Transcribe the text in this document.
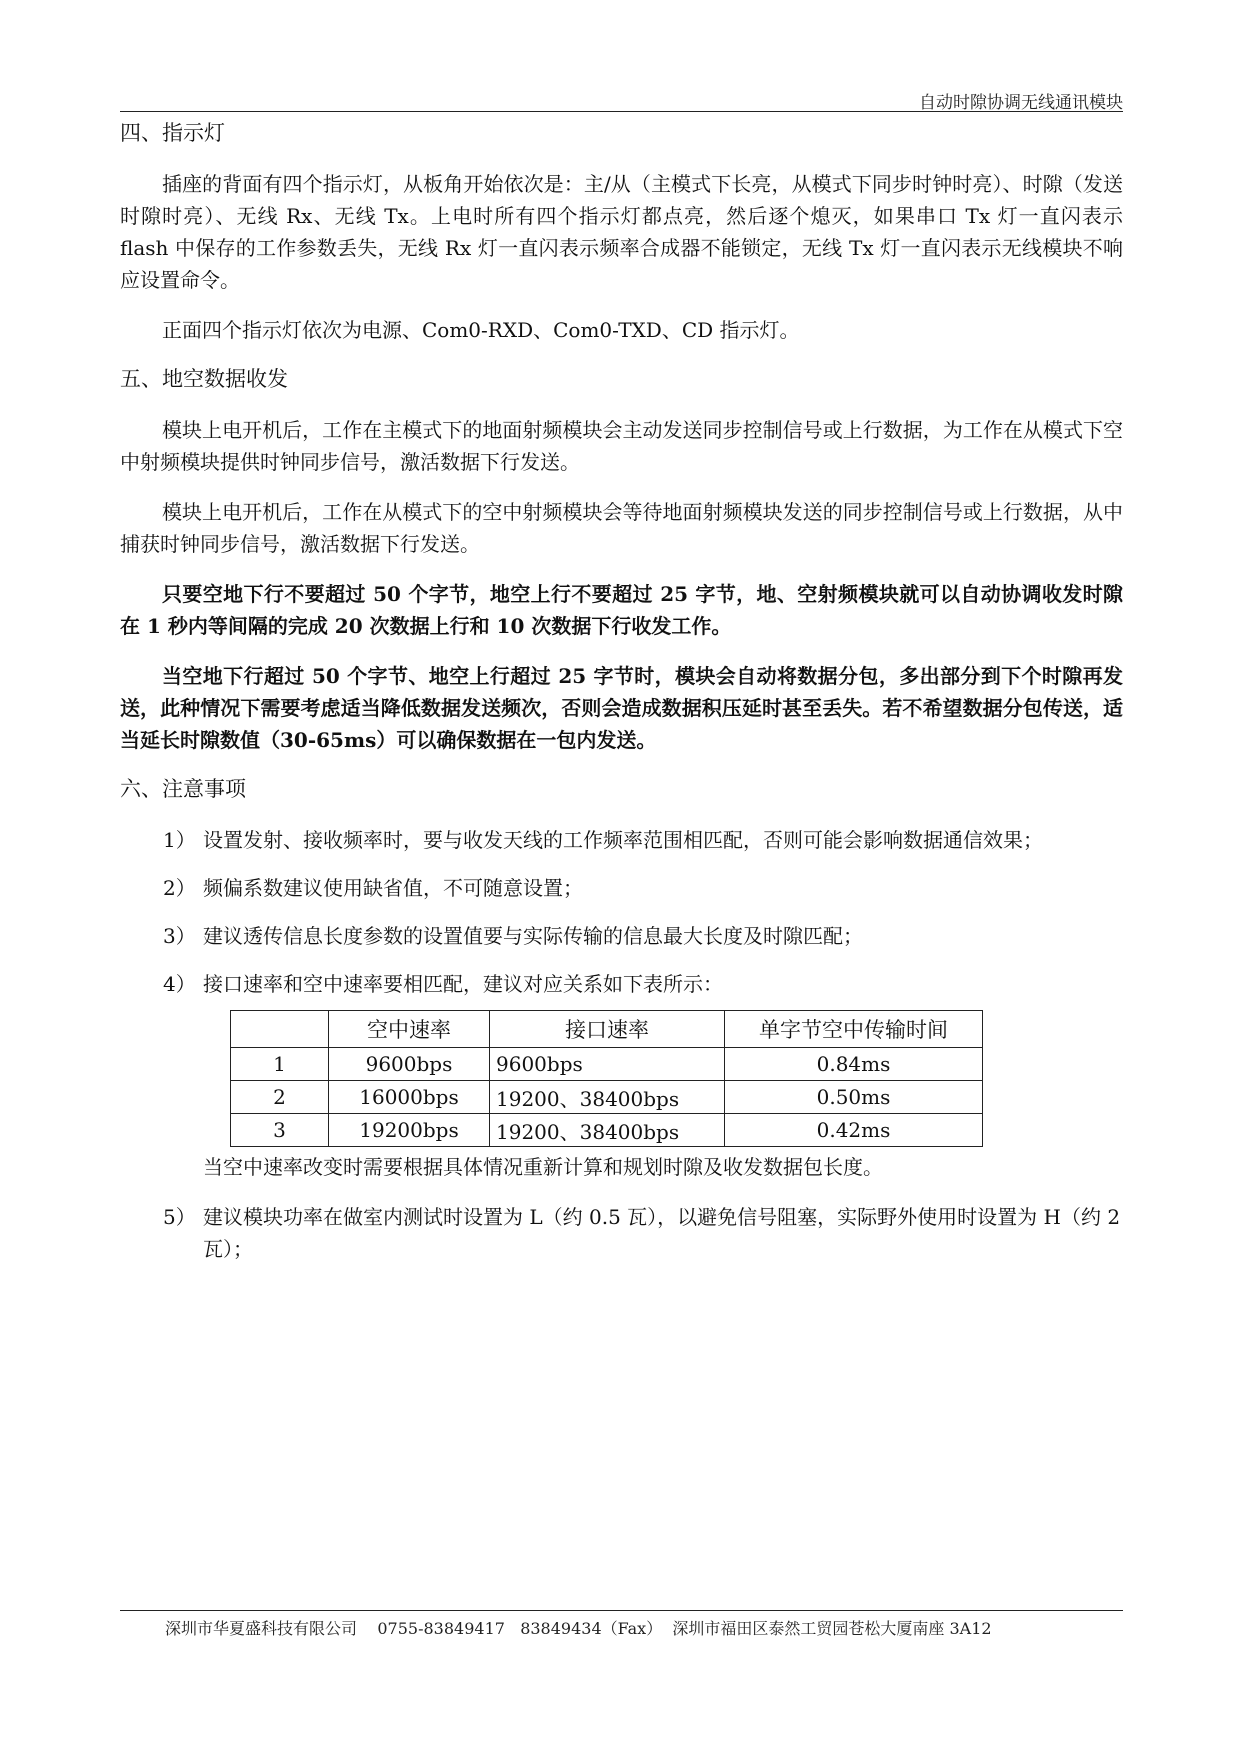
自动时隙协调无线通讯模块
四、指示灯

插座的背面有四个指示灯，从板角开始依次是：主/从（主模式下长亮，从模式下同步时钟时亮）、时隙（发送时隙时亮）、无线 Rx、无线 Tx。上电时所有四个指示灯都点亮，然后逐个熄灭，如果串口 Tx 灯一直闪表示 flash 中保存的工作参数丢失，无线 Rx 灯一直闪表示频率合成器不能锁定，无线 Tx 灯一直闪表示无线模块不响应设置命令。

正面四个指示灯依次为电源、Com0-RXD、Com0-TXD、CD 指示灯。

五、地空数据收发

模块上电开机后，工作在主模式下的地面射频模块会主动发送同步控制信号或上行数据，为工作在从模式下空中射频模块提供时钟同步信号，激活数据下行发送。

模块上电开机后，工作在从模式下的空中射频模块会等待地面射频模块发送的同步控制信号或上行数据，从中捕获时钟同步信号，激活数据下行发送。

只要空地下行不要超过 50 个字节，地空上行不要超过 25 字节，地、空射频模块就可以自动协调收发时隙在 1 秒内等间隔的完成 20 次数据上行和 10 次数据下行收发工作。

当空地下行超过 50 个字节、地空上行超过 25 字节时，模块会自动将数据分包，多出部分到下个时隙再发送，此种情况下需要考虑适当降低数据发送频次，否则会造成数据积压延时甚至丢失。若不希望数据分包传送，适当延长时隙数值（30-65ms）可以确保数据在一包内发送。

六、注意事项
1） 设置发射、接收频率时，要与收发天线的工作频率范围相匹配，否则可能会影响数据通信效果；
2） 频偏系数建议使用缺省值，不可随意设置；
3） 建议透传信息长度参数的设置值要与实际传输的信息最大长度及时隙匹配；
4） 接口速率和空中速率要相匹配，建议对应关系如下表所示：
	空中速率	接口速率	单字节空中传输时间
1	9600bps	9600bps	0.84ms
2	16000bps	19200、38400bps	0.50ms
3	19200bps	19200、38400bps	0.42ms
当空中速率改变时需要根据具体情况重新计算和规划时隙及收发数据包长度。
5） 建议模块功率在做室内测试时设置为 L（约 0.5 瓦），以避免信号阻塞，实际野外使用时设置为 H（约 2 瓦）；
深圳市华夏盛科技有限公司 0755-83849417 83849434（Fax） 深圳市福田区泰然工贸园苍松大厦南座 3A12
